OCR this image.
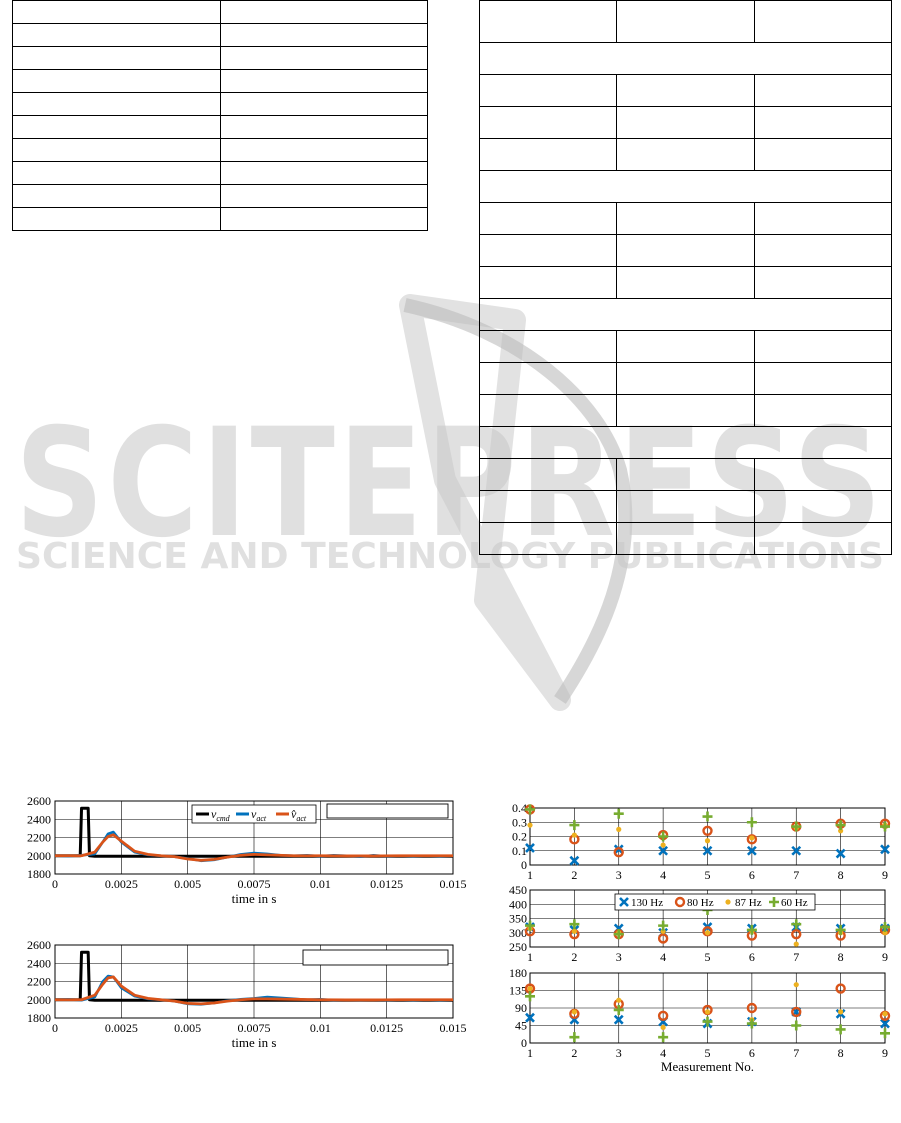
SCITEPRESS
SCIENCE AND TECHNOLOGY PUBLICATIONS

0	0.0025	0.005	0.0075	0.01	0.0125	0.015
1800
2000
2200
2400
2600
time in s
$v_{cmd}$ $v_{act}$ $v̂_{act}$
0	0.0025	0.005	0.0075	0.01	0.0125	0.015
1800
2000
2200
2400
2600
time in s
1	2	3	4	5	6	7	8	9
0
0.1
0.2
0.3
0.4
1	2	3	4	5	6	7	8	9
250
300
350
400
450
130 Hz 80 Hz 87 Hz 60 Hz
1	2	3	4	5	6	7	8	9
0
45
90
135
180
Measurement No.
